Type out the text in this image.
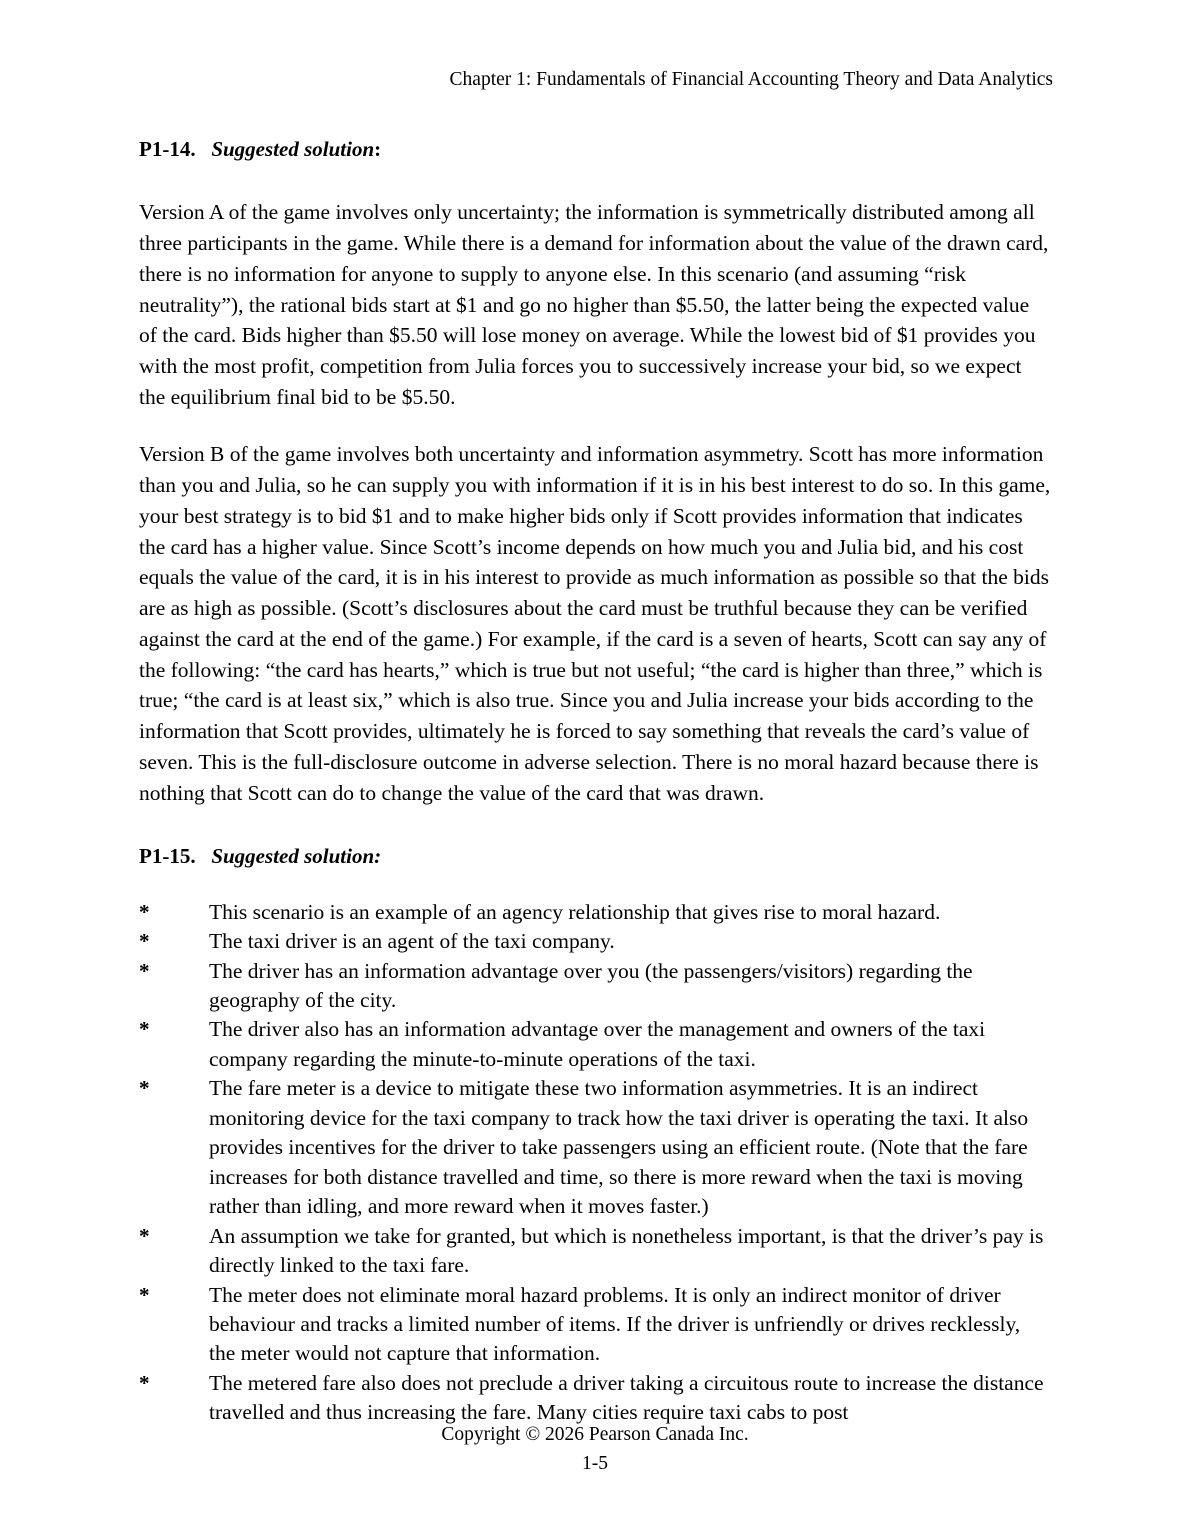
Chapter 1: Fundamentals of Financial Accounting Theory and Data Analytics
P1-14. Suggested solution:

Version A of the game involves only uncertainty; the information is symmetrically distributed among all three participants in the game. While there is a demand for information about the value of the drawn card, there is no information for anyone to supply to anyone else. In this scenario (and assuming “risk neutrality”), the rational bids start at $1 and go no higher than $5.50, the latter being the expected value of the card. Bids higher than $5.50 will lose money on average. While the lowest bid of $1 provides you with the most profit, competition from Julia forces you to successively increase your bid, so we expect the equilibrium final bid to be $5.50.

Version B of the game involves both uncertainty and information asymmetry. Scott has more information than you and Julia, so he can supply you with information if it is in his best interest to do so. In this game, your best strategy is to bid $1 and to make higher bids only if Scott provides information that indicates the card has a higher value. Since Scott’s income depends on how much you and Julia bid, and his cost equals the value of the card, it is in his interest to provide as much information as possible so that the bids are as high as possible. (Scott’s disclosures about the card must be truthful because they can be verified against the card at the end of the game.) For example, if the card is a seven of hearts, Scott can say any of the following: “the card has hearts,” which is true but not useful; “the card is higher than three,” which is true; “the card is at least six,” which is also true. Since you and Julia increase your bids according to the information that Scott provides, ultimately he is forced to say something that reveals the card’s value of seven. This is the full-disclosure outcome in adverse selection. There is no moral hazard because there is nothing that Scott can do to change the value of the card that was drawn.

P1-15. Suggested solution:
*	This scenario is an example of an agency relationship that gives rise to moral hazard.
*	The taxi driver is an agent of the taxi company.
*	The driver has an information advantage over you (the passengers/visitors) regarding the geography of the city.
*	The driver also has an information advantage over the management and owners of the taxi company regarding the minute-to-minute operations of the taxi.
*	The fare meter is a device to mitigate these two information asymmetries. It is an indirect monitoring device for the taxi company to track how the taxi driver is operating the taxi. It also provides incentives for the driver to take passengers using an efficient route. (Note that the fare increases for both distance travelled and time, so there is more reward when the taxi is moving rather than idling, and more reward when it moves faster.)
*	An assumption we take for granted, but which is nonetheless important, is that the driver’s pay is directly linked to the taxi fare.
*	The meter does not eliminate moral hazard problems. It is only an indirect monitor of driver behaviour and tracks a limited number of items. If the driver is unfriendly or drives recklessly, the meter would not capture that information.
*	The metered fare also does not preclude a driver taking a circuitous route to increase the distance travelled and thus increasing the fare. Many cities require taxi cabs to post
Copyright © 2026 Pearson Canada Inc.
1-5
